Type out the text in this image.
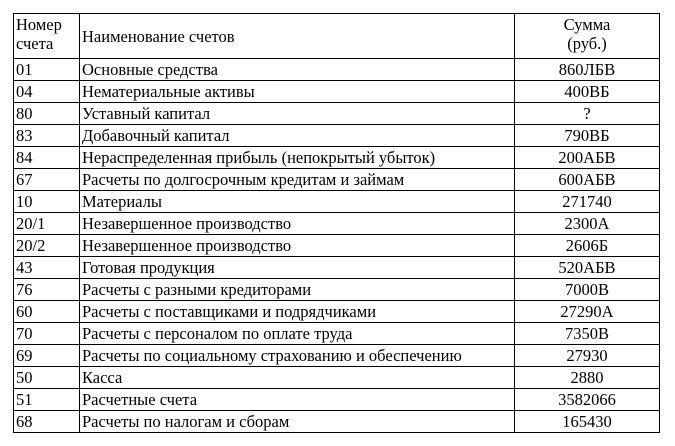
Номер
счета	Наименование счетов	Сумма
(руб.)
01	Основные средства	860ЛБВ
04	Нематериальные активы	400ВБ
80	Уставный капитал	?
83	Добавочный капитал	790ВБ
84	Нераспределенная прибыль (непокрытый убыток)	200АБВ
67	Расчеты по долгосрочным кредитам и займам	600АБВ
10	Материалы	271740
20/1	Незавершенное производство	2300А
20/2	Незавершенное производство	2606Б
43	Готовая продукция	520АБВ
76	Расчеты с разными кредиторами	7000В
60	Расчеты с поставщиками и подрядчиками	27290А
70	Расчеты с персоналом по оплате труда	7350В
69	Расчеты по социальному страхованию и обеспечению	27930
50	Касса	2880
51	Расчетные счета	3582066
68	Расчеты по налогам и сборам	165430
